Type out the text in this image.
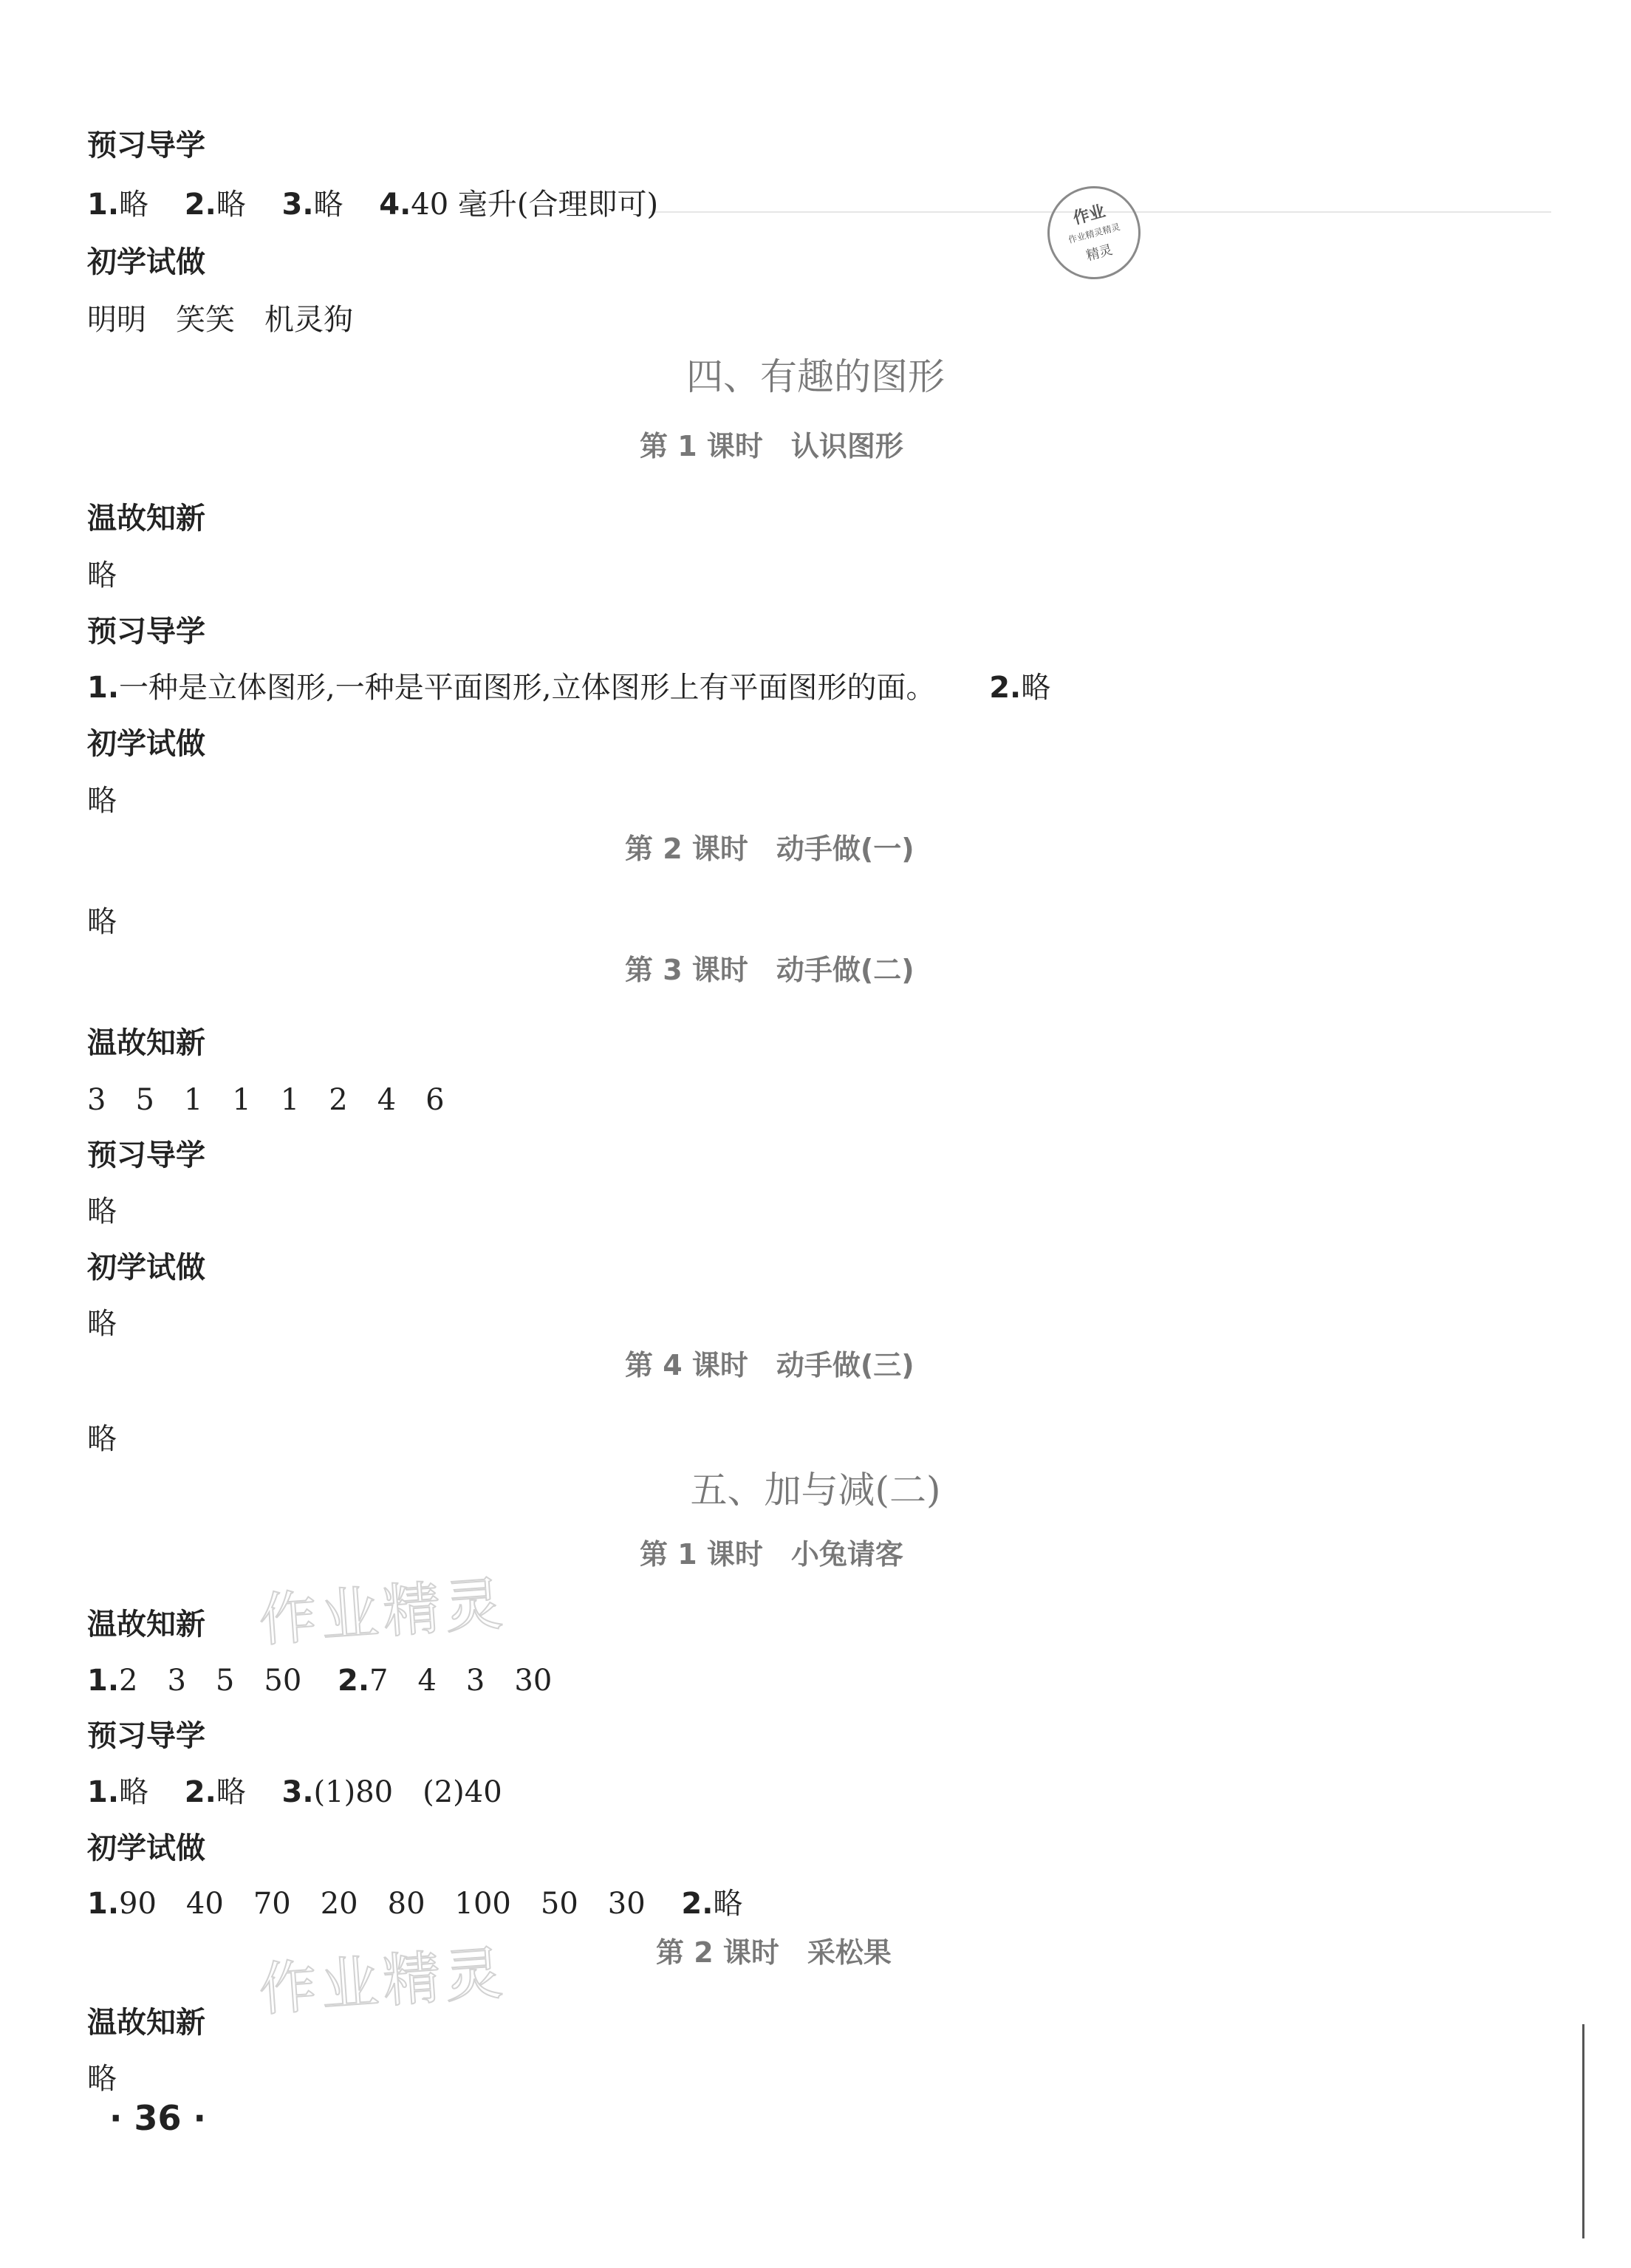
作业
作业精灵精灵
精灵
作业精灵
作业精灵
预习导学
1.略 2.略 3.略 4.40 毫升(合理即可)
初学试做
明明　笑笑　机灵狗
四、有趣的图形
第 1 课时　认识图形
温故知新
略
预习导学
1.一种是立体图形,一种是平面图形,立体图形上有平面图形的面。 2.略
初学试做
略
第 2 课时　动手做(一)
略
第 3 课时　动手做(二)
温故知新
3　5　1　1　1　2　4　6
预习导学
略
初学试做
略
第 4 课时　动手做(三)
略
五、加与减(二)
第 1 课时　小兔请客
温故知新
1.2　3　5　50 2.7　4　3　30
预习导学
1.略 2.略 3.(1)80　(2)40
初学试做
1.90　40　70　20　80　100　50　30 2.略
第 2 课时　采松果
温故知新
略
· 36 ·
